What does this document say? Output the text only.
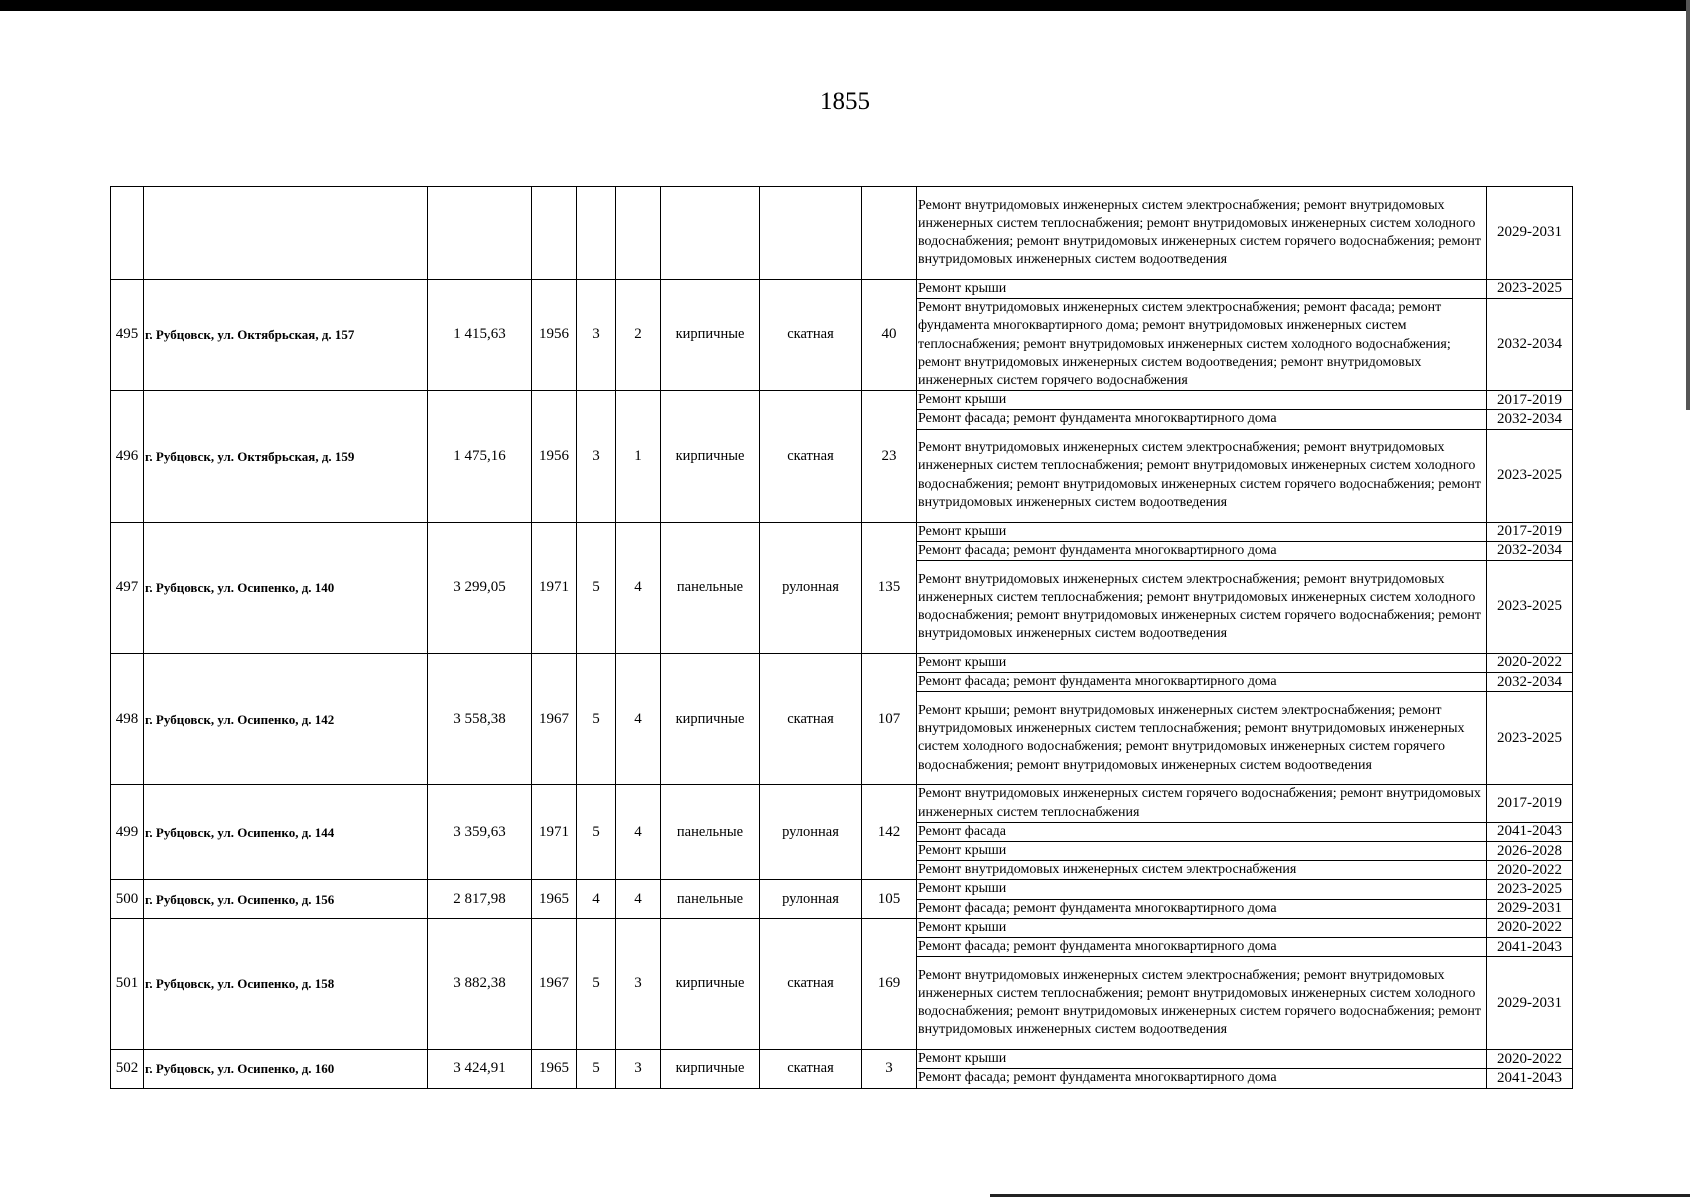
1855
									Ремонт внутридомовых инженерных систем электроснабжения; ремонт внутридомовых инженерных систем теплоснабжения; ремонт внутридомовых инженерных систем холодного водоснабжения; ремонт внутридомовых инженерных систем горячего водоснабжения; ремонт внутридомовых инженерных систем водоотведения	2029-2031
495	г. Рубцовск, ул. Октябрьская, д. 157	1 415,63	1956	3	2	кирпичные	скатная	40	Ремонт крыши	2023-2025
									Ремонт внутридомовых инженерных систем электроснабжения; ремонт фасада; ремонт фундамента многоквартирного дома; ремонт внутридомовых инженерных систем теплоснабжения; ремонт внутридомовых инженерных систем холодного водоснабжения; ремонт внутридомовых инженерных систем водоотведения; ремонт внутридомовых инженерных систем горячего водоснабжения	2032-2034
496	г. Рубцовск, ул. Октябрьская, д. 159	1 475,16	1956	3	1	кирпичные	скатная	23	Ремонт крыши	2017-2019
									Ремонт фасада; ремонт фундамента многоквартирного дома	2032-2034
									Ремонт внутридомовых инженерных систем электроснабжения; ремонт внутридомовых инженерных систем теплоснабжения; ремонт внутридомовых инженерных систем холодного водоснабжения; ремонт внутридомовых инженерных систем горячего водоснабжения; ремонт внутридомовых инженерных систем водоотведения	2023-2025
497	г. Рубцовск, ул. Осипенко, д. 140	3 299,05	1971	5	4	панельные	рулонная	135	Ремонт крыши	2017-2019
									Ремонт фасада; ремонт фундамента многоквартирного дома	2032-2034
									Ремонт внутридомовых инженерных систем электроснабжения; ремонт внутридомовых инженерных систем теплоснабжения; ремонт внутридомовых инженерных систем холодного водоснабжения; ремонт внутридомовых инженерных систем горячего водоснабжения; ремонт внутридомовых инженерных систем водоотведения	2023-2025
498	г. Рубцовск, ул. Осипенко, д. 142	3 558,38	1967	5	4	кирпичные	скатная	107	Ремонт крыши	2020-2022
									Ремонт фасада; ремонт фундамента многоквартирного дома	2032-2034
									Ремонт крыши; ремонт внутридомовых инженерных систем электроснабжения; ремонт внутридомовых инженерных систем теплоснабжения; ремонт внутридомовых инженерных систем холодного водоснабжения; ремонт внутридомовых инженерных систем горячего водоснабжения; ремонт внутридомовых инженерных систем водоотведения	2023-2025
499	г. Рубцовск, ул. Осипенко, д. 144	3 359,63	1971	5	4	панельные	рулонная	142	Ремонт внутридомовых инженерных систем горячего водоснабжения; ремонт внутридомовых инженерных систем теплоснабжения	2017-2019
									Ремонт фасада	2041-2043
									Ремонт крыши	2026-2028
									Ремонт внутридомовых инженерных систем электроснабжения	2020-2022
500	г. Рубцовск, ул. Осипенко, д. 156	2 817,98	1965	4	4	панельные	рулонная	105	Ремонт крыши	2023-2025
									Ремонт фасада; ремонт фундамента многоквартирного дома	2029-2031
501	г. Рубцовск, ул. Осипенко, д. 158	3 882,38	1967	5	3	кирпичные	скатная	169	Ремонт крыши	2020-2022
									Ремонт фасада; ремонт фундамента многоквартирного дома	2041-2043
									Ремонт внутридомовых инженерных систем электроснабжения; ремонт внутридомовых инженерных систем теплоснабжения; ремонт внутридомовых инженерных систем холодного водоснабжения; ремонт внутридомовых инженерных систем горячего водоснабжения; ремонт внутридомовых инженерных систем водоотведения	2029-2031
502	г. Рубцовск, ул. Осипенко, д. 160	3 424,91	1965	5	3	кирпичные	скатная	3	Ремонт крыши	2020-2022
									Ремонт фасада; ремонт фундамента многоквартирного дома	2041-2043
